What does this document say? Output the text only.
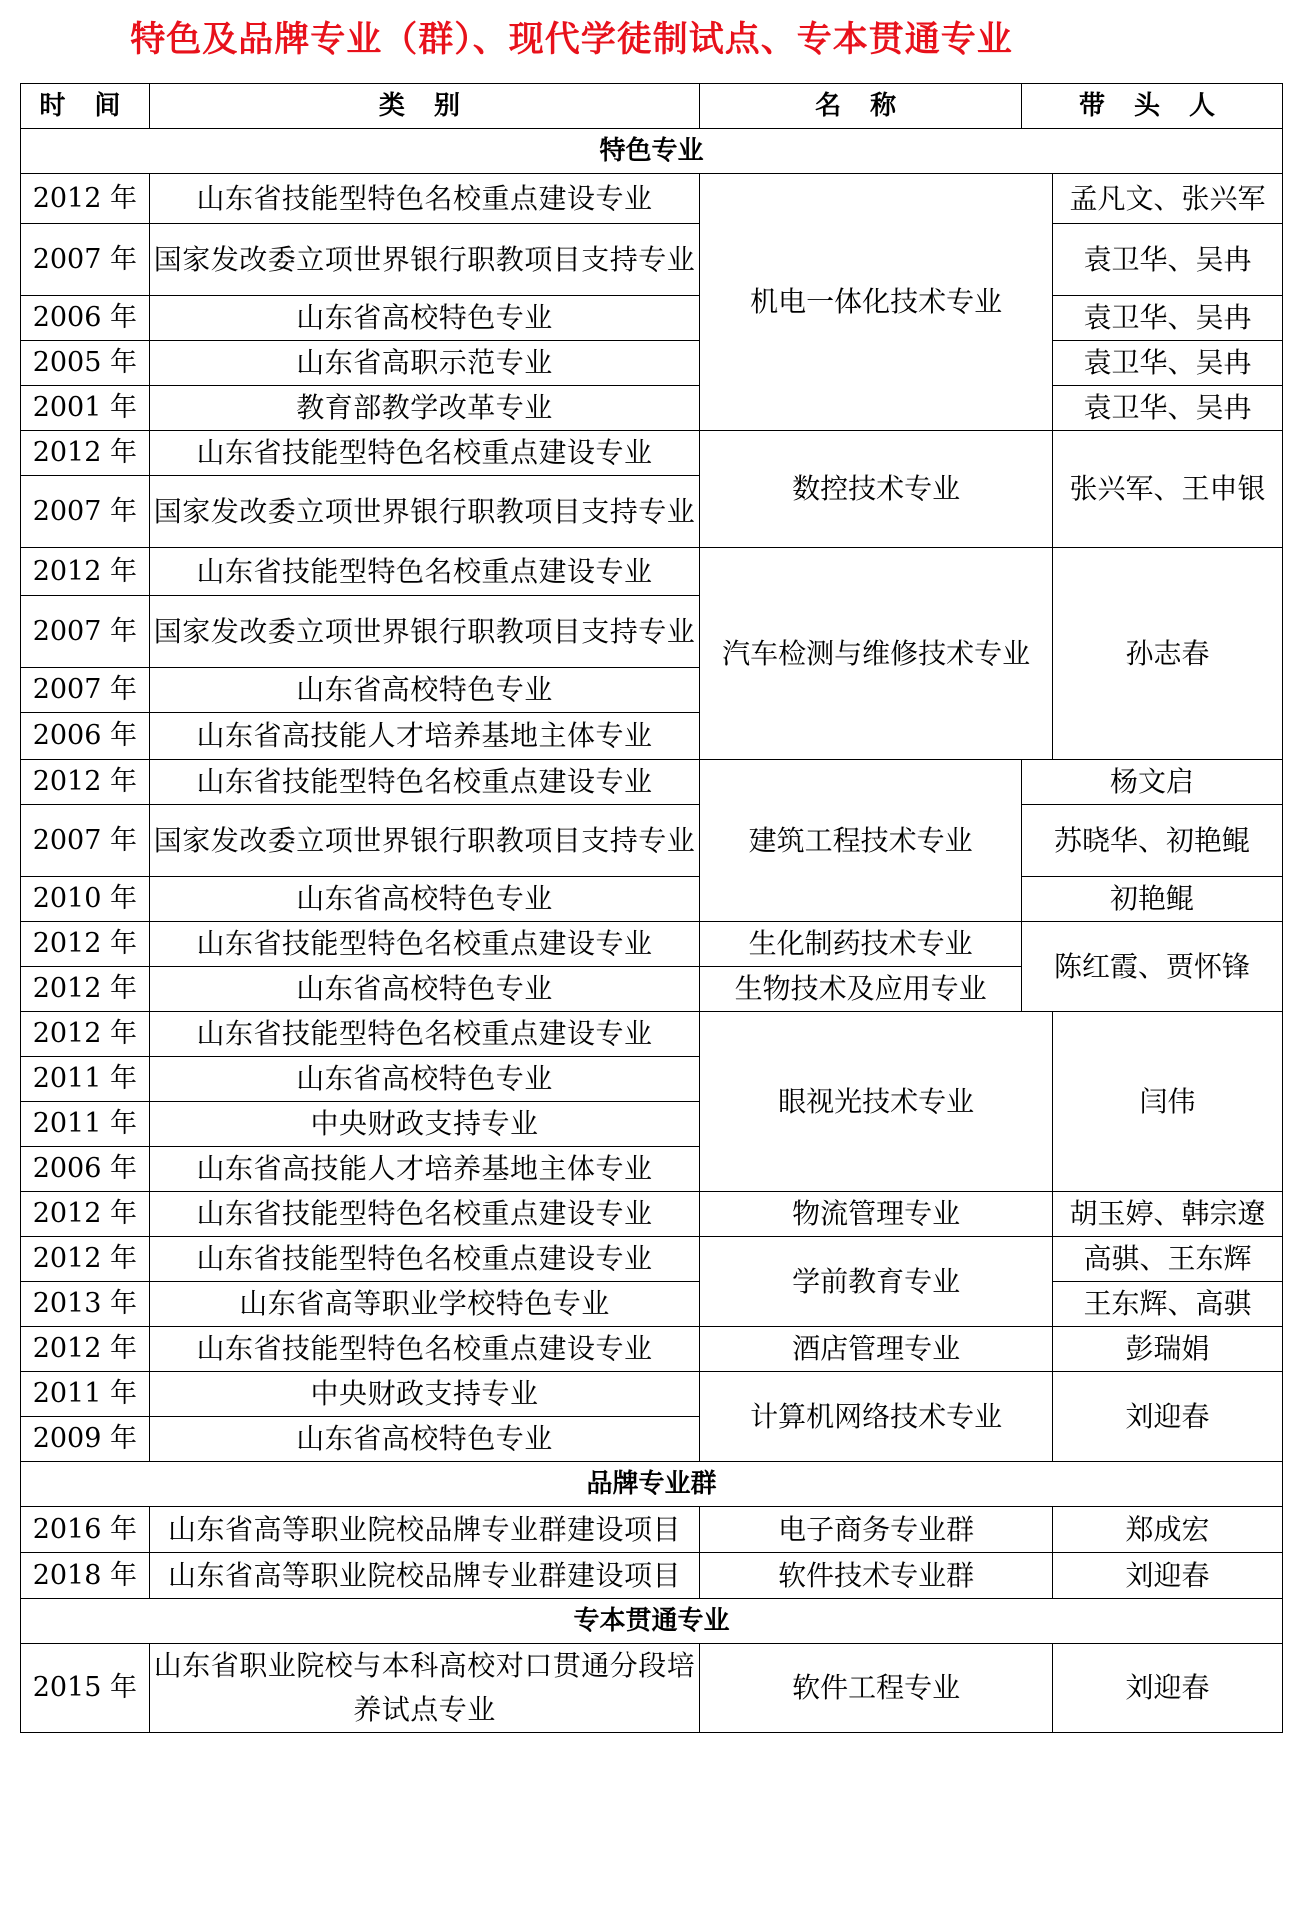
特色及品牌专业（群）、现代学徒制试点、专本贯通专业
时 间	类 别	名 称	带 头 人	
特色专业				
2012 年	山东省技能型特色名校重点建设专业	机电一体化技术专业		孟凡文、张兴军
2007 年	国家发改委立项世界银行职教项目支持专业			袁卫华、吴冉
2006 年	山东省高校特色专业			袁卫华、吴冉
2005 年	山东省高职示范专业			袁卫华、吴冉
2001 年	教育部教学改革专业			袁卫华、吴冉
2012 年	山东省技能型特色名校重点建设专业	数控技术专业		张兴军、王申银
2007 年	国家发改委立项世界银行职教项目支持专业			
2012 年	山东省技能型特色名校重点建设专业	汽车检测与维修技术专业		孙志春
2007 年	国家发改委立项世界银行职教项目支持专业			
2007 年	山东省高校特色专业			
2006 年	山东省高技能人才培养基地主体专业			
2012 年	山东省技能型特色名校重点建设专业	建筑工程技术专业	杨文启	
2007 年	国家发改委立项世界银行职教项目支持专业		苏晓华、初艳鲲	
2010 年	山东省高校特色专业		初艳鲲	
2012 年	山东省技能型特色名校重点建设专业	生化制药技术专业	陈红霞、贾怀锋	
2012 年	山东省高校特色专业	生物技术及应用专业		
2012 年	山东省技能型特色名校重点建设专业	眼视光技术专业		闫伟
2011 年	山东省高校特色专业			
2011 年	中央财政支持专业			
2006 年	山东省高技能人才培养基地主体专业			
2012 年	山东省技能型特色名校重点建设专业	物流管理专业		胡玉婷、韩宗遼
2012 年	山东省技能型特色名校重点建设专业	学前教育专业		高骐、王东辉
2013 年	山东省高等职业学校特色专业			王东辉、高骐
2012 年	山东省技能型特色名校重点建设专业	酒店管理专业		彭瑞娟
2011 年	中央财政支持专业	计算机网络技术专业		刘迎春
2009 年	山东省高校特色专业			
品牌专业群				
2016 年	山东省高等职业院校品牌专业群建设项目	电子商务专业群		郑成宏
2018 年	山东省高等职业院校品牌专业群建设项目	软件技术专业群		刘迎春
专本贯通专业				
2015 年	山东省职业院校与本科高校对口贯通分段培养试点专业	软件工程专业		刘迎春
